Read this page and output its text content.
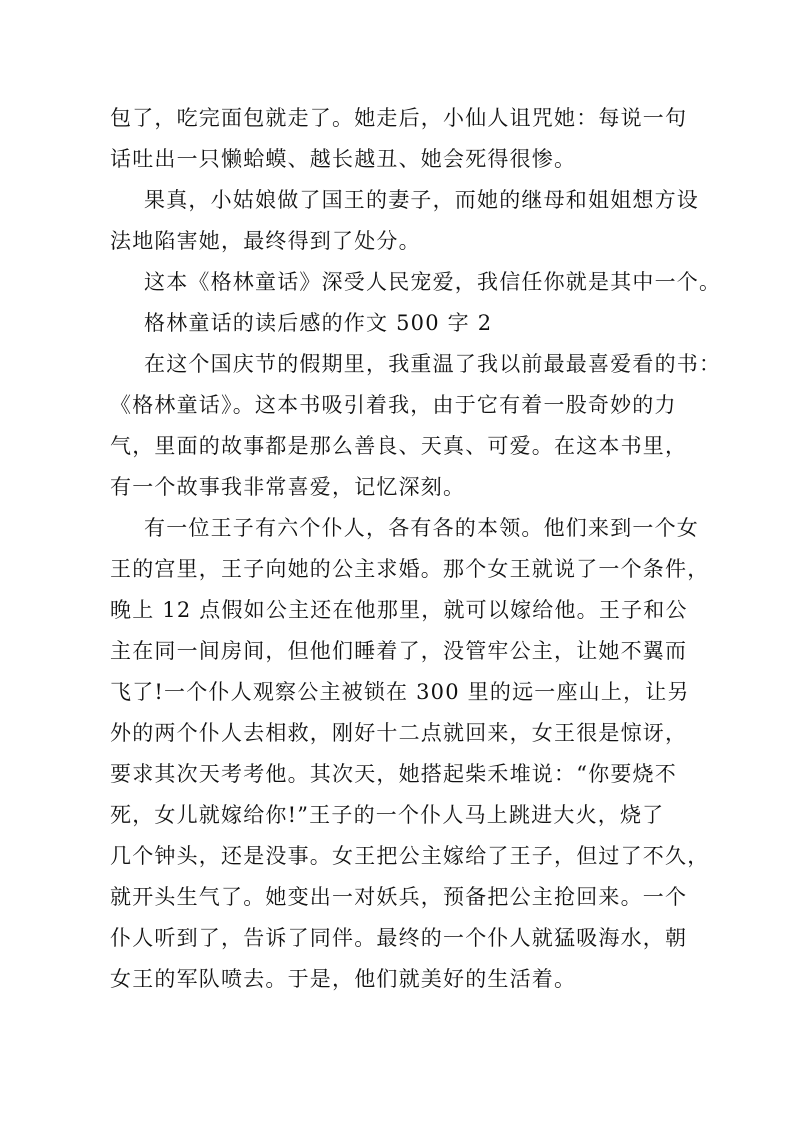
包了，吃完面包就走了。她走后，小仙人诅咒她：每说一句
话吐出一只懒蛤蟆、越长越丑、她会死得很惨。
果真，小姑娘做了国王的妻子，而她的继母和姐姐想方设
法地陷害她，最终得到了处分。
这本《格林童话》深受人民宠爱，我信任你就是其中一个。
格林童话的读后感的作文 500 字 2
在这个国庆节的假期里，我重温了我以前最最喜爱看的书：
《格林童话》。这本书吸引着我，由于它有着一股奇妙的力
气，里面的故事都是那么善良、天真、可爱。在这本书里，
有一个故事我非常喜爱，记忆深刻。
有一位王子有六个仆人，各有各的本领。他们来到一个女
王的宫里，王子向她的公主求婚。那个女王就说了一个条件，
晚上 12 点假如公主还在他那里，就可以嫁给他。王子和公
主在同一间房间，但他们睡着了，没管牢公主，让她不翼而
飞了!一个仆人观察公主被锁在 300 里的远一座山上，让另
外的两个仆人去相救，刚好十二点就回来，女王很是惊讶，
要求其次天考考他。其次天，她搭起柴禾堆说：“你要烧不
死，女儿就嫁给你!”王子的一个仆人马上跳进大火，烧了
几个钟头，还是没事。女王把公主嫁给了王子，但过了不久，
就开头生气了。她变出一对妖兵，预备把公主抢回来。一个
仆人听到了，告诉了同伴。最终的一个仆人就猛吸海水，朝
女王的军队喷去。于是，他们就美好的生活着。
